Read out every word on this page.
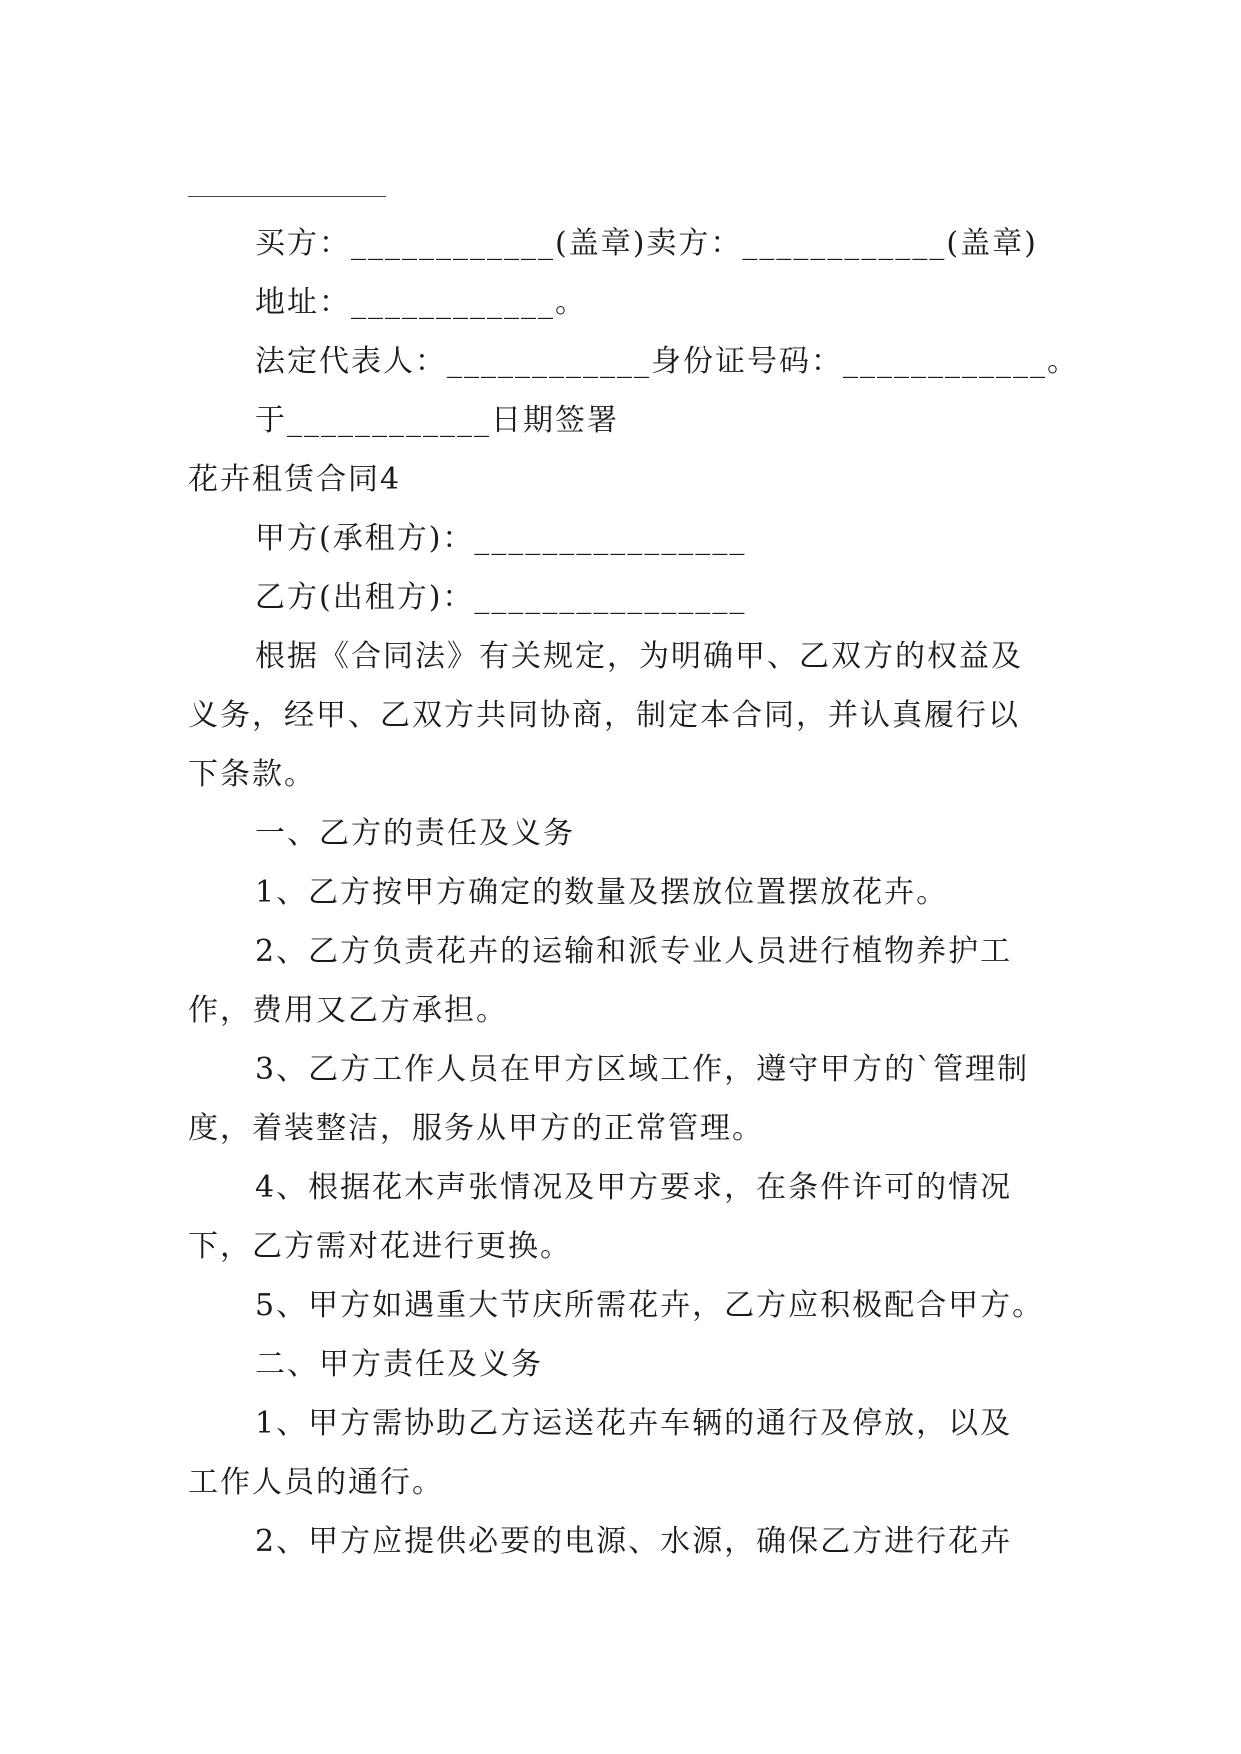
买方：____________(盖章)卖方：____________(盖章)
地址：____________。
法定代表人：____________身份证号码：____________。
于____________日期签署
花卉租赁合同4
甲方(承租方)：________________
乙方(出租方)：________________
根据《合同法》有关规定，为明确甲、乙双方的权益及
义务，经甲、乙双方共同协商，制定本合同，并认真履行以
下条款。
一、乙方的责任及义务
1、乙方按甲方确定的数量及摆放位置摆放花卉。
2、乙方负责花卉的运输和派专业人员进行植物养护工
作，费用又乙方承担。
3、乙方工作人员在甲方区域工作，遵守甲方的`管理制
度，着装整洁，服务从甲方的正常管理。
4、根据花木声张情况及甲方要求，在条件许可的情况
下，乙方需对花进行更换。
5、甲方如遇重大节庆所需花卉，乙方应积极配合甲方。
二、甲方责任及义务
1、甲方需协助乙方运送花卉车辆的通行及停放，以及
工作人员的通行。
2、甲方应提供必要的电源、水源，确保乙方进行花卉
